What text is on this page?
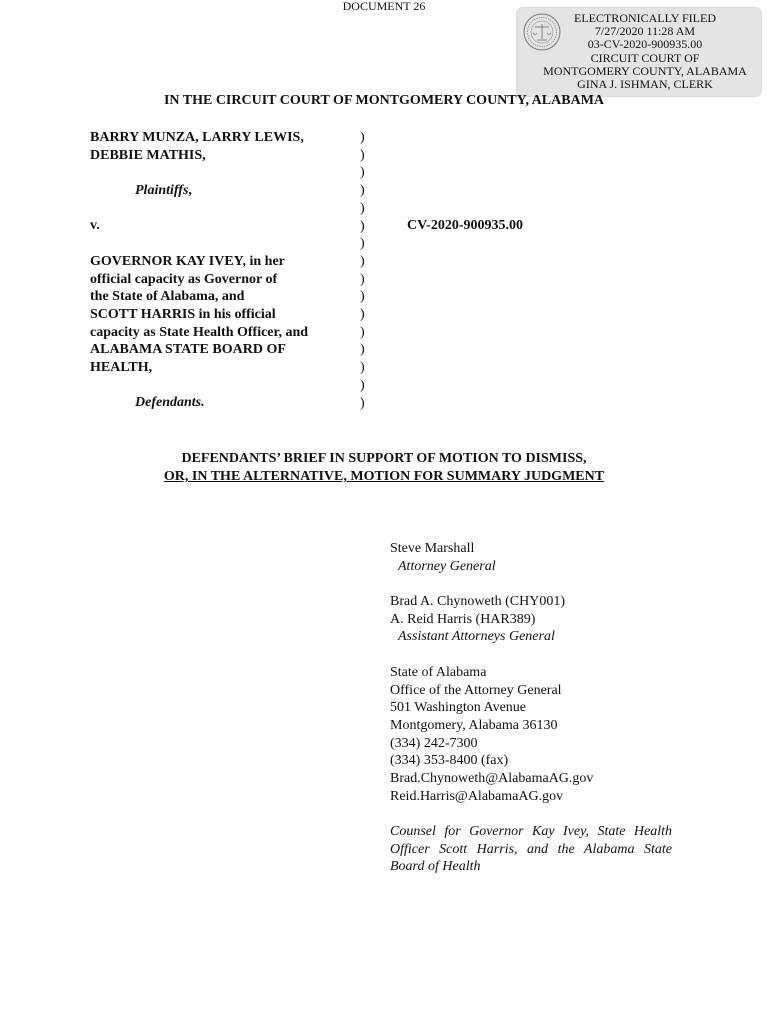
DOCUMENT 26
ELECTRONICALLY FILED
7/27/2020 11:28 AM
03-CV-2020-900935.00
CIRCUIT COURT OF
MONTGOMERY COUNTY, ALABAMA
GINA J. ISHMAN, CLERK
IN THE CIRCUIT COURT OF MONTGOMERY COUNTY, ALABAMA
BARRY MUNZA, LARRY LEWIS,
DEBBIE MATHIS,
Plaintiffs,
v.
GOVERNOR KAY IVEY, in her
official capacity as Governor of
the State of Alabama, and
SCOTT HARRIS in his official
capacity as State Health Officer, and
ALABAMA STATE BOARD OF
HEALTH,
Defendants.
)
)
)
)
)
)
)
)
)
)
)
)
)
)
)
)
CV-2020-900935.00
DEFENDANTS’ BRIEF IN SUPPORT OF MOTION TO DISMISS,
OR, IN THE ALTERNATIVE, MOTION FOR SUMMARY JUDGMENT
Steve Marshall
Attorney General
Brad A. Chynoweth (CHY001)
A. Reid Harris (HAR389)
Assistant Attorneys General
State of Alabama
Office of the Attorney General
501 Washington Avenue
Montgomery, Alabama 36130
(334) 242-7300
(334) 353-8400 (fax)
Brad.Chynoweth@AlabamaAG.gov
Reid.Harris@AlabamaAG.gov
Counsel for Governor Kay Ivey, State Health
Officer Scott Harris, and the Alabama State
Board of Health
